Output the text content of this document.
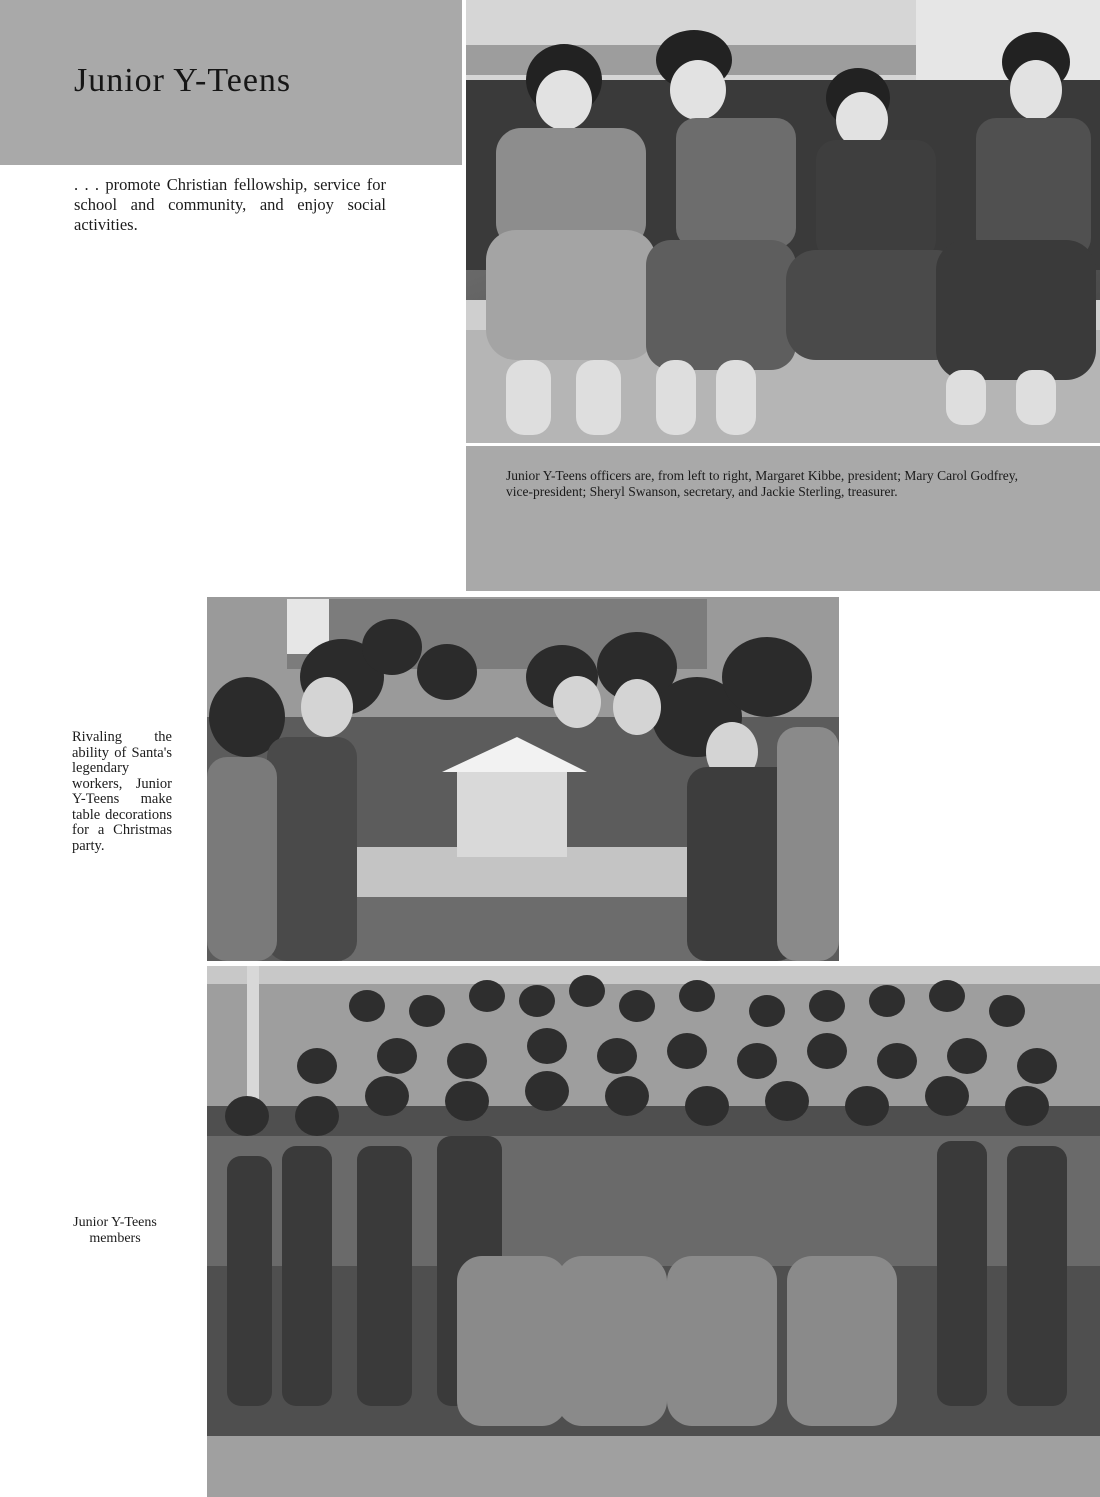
Junior Y-Teens

. . . promote Christian fellowship, service for school and community, and enjoy social activities.

Junior Y-Teens officers are, from left to right, Margaret Kibbe, president; Mary Carol Godfrey, vice-president; Sheryl Swanson, secretary, and Jackie Sterling, treasurer.

Rivaling the ability of Santa's legendary workers, Junior Y-Teens make table decorations for a Christmas party.

Junior Y-Teens members
